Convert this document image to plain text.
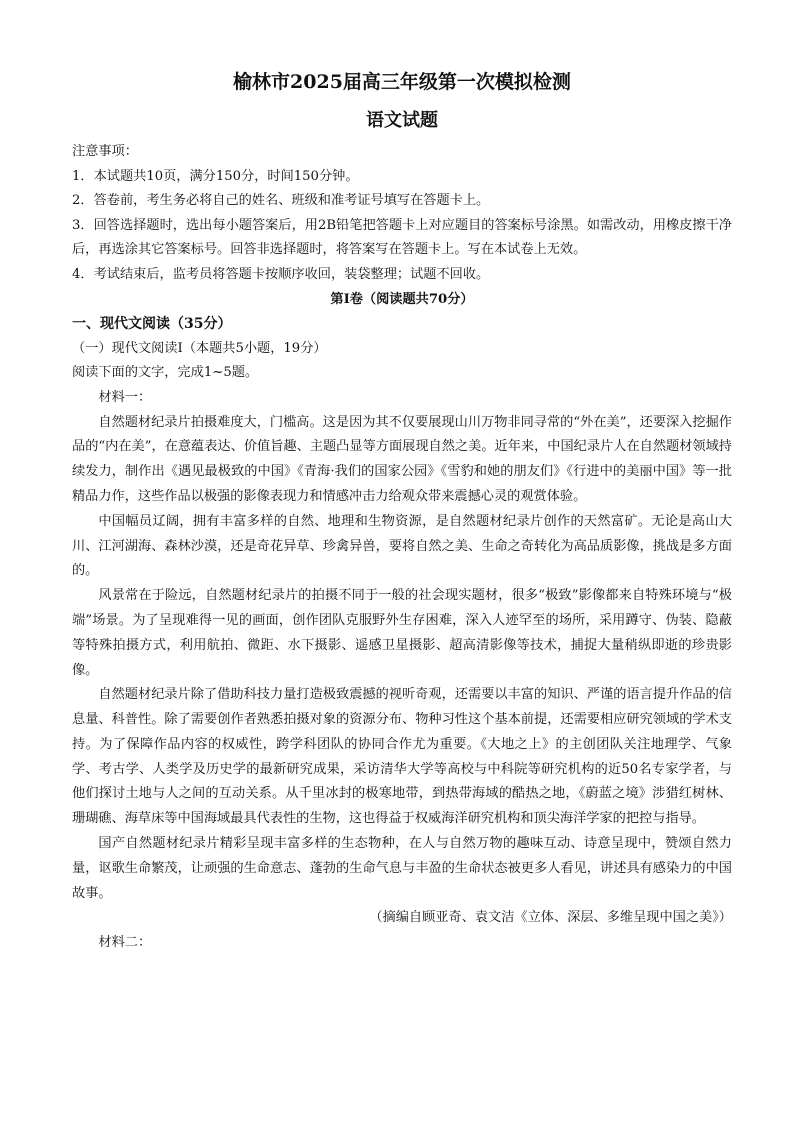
榆林市2025届高三年级第一次模拟检测
语文试题

注意事项：

1．本试题共10页，满分150分，时间150分钟。

2．答卷前，考生务必将自己的姓名、班级和准考证号填写在答题卡上。

3．回答选择题时，选出每小题答案后，用2B铅笔把答题卡上对应题目的答案标号涂黑。如需改动，用橡皮擦干净后，再选涂其它答案标号。回答非选择题时，将答案写在答题卡上。写在本试卷上无效。

4．考试结束后，监考员将答题卡按顺序收回，装袋整理；试题不回收。

第Ⅰ卷（阅读题共70分）

一、现代文阅读（35分）

（一）现代文阅读Ⅰ（本题共5小题，19分）

阅读下面的文字，完成1~5题。

材料一：

自然题材纪录片拍摄难度大，门槛高。这是因为其不仅要展现山川万物非同寻常的“外在美”，还要深入挖掘作品的“内在美”，在意蕴表达、价值旨趣、主题凸显等方面展现自然之美。近年来，中国纪录片人在自然题材领域持续发力，制作出《遇见最极致的中国》《青海·我们的国家公园》《雪豹和她的朋友们》《行进中的美丽中国》等一批精品力作，这些作品以极强的影像表现力和情感冲击力给观众带来震撼心灵的观赏体验。

中国幅员辽阔，拥有丰富多样的自然、地理和生物资源，是自然题材纪录片创作的天然富矿。无论是高山大川、江河湖海、森林沙漠，还是奇花异草、珍禽异兽，要将自然之美、生命之奇转化为高品质影像，挑战是多方面的。

风景常在于险远，自然题材纪录片的拍摄不同于一般的社会现实题材，很多“极致”影像都来自特殊环境与“极端”场景。为了呈现难得一见的画面，创作团队克服野外生存困难，深入人迹罕至的场所，采用蹲守、伪装、隐蔽等特殊拍摄方式，利用航拍、微距、水下摄影、遥感卫星摄影、超高清影像等技术，捕捉大量稍纵即逝的珍贵影像。

自然题材纪录片除了借助科技力量打造极致震撼的视听奇观，还需要以丰富的知识、严谨的语言提升作品的信息量、科普性。除了需要创作者熟悉拍摄对象的资源分布、物种习性这个基本前提，还需要相应研究领域的学术支持。为了保障作品内容的权威性，跨学科团队的协同合作尤为重要。《大地之上》的主创团队关注地理学、气象学、考古学、人类学及历史学的最新研究成果，采访清华大学等高校与中科院等研究机构的近50名专家学者，与他们探讨土地与人之间的互动关系。从千里冰封的极寒地带，到热带海域的酷热之地，《蔚蓝之境》涉猎红树林、珊瑚礁、海草床等中国海域最具代表性的生物，这也得益于权威海洋研究机构和顶尖海洋学家的把控与指导。

国产自然题材纪录片精彩呈现丰富多样的生态物种，在人与自然万物的趣味互动、诗意呈现中，赞颂自然力量，讴歌生命繁茂，让顽强的生命意志、蓬勃的生命气息与丰盈的生命状态被更多人看见，讲述具有感染力的中国故事。

（摘编自顾亚奇、袁文洁《立体、深层、多维呈现中国之美》）

材料二：
